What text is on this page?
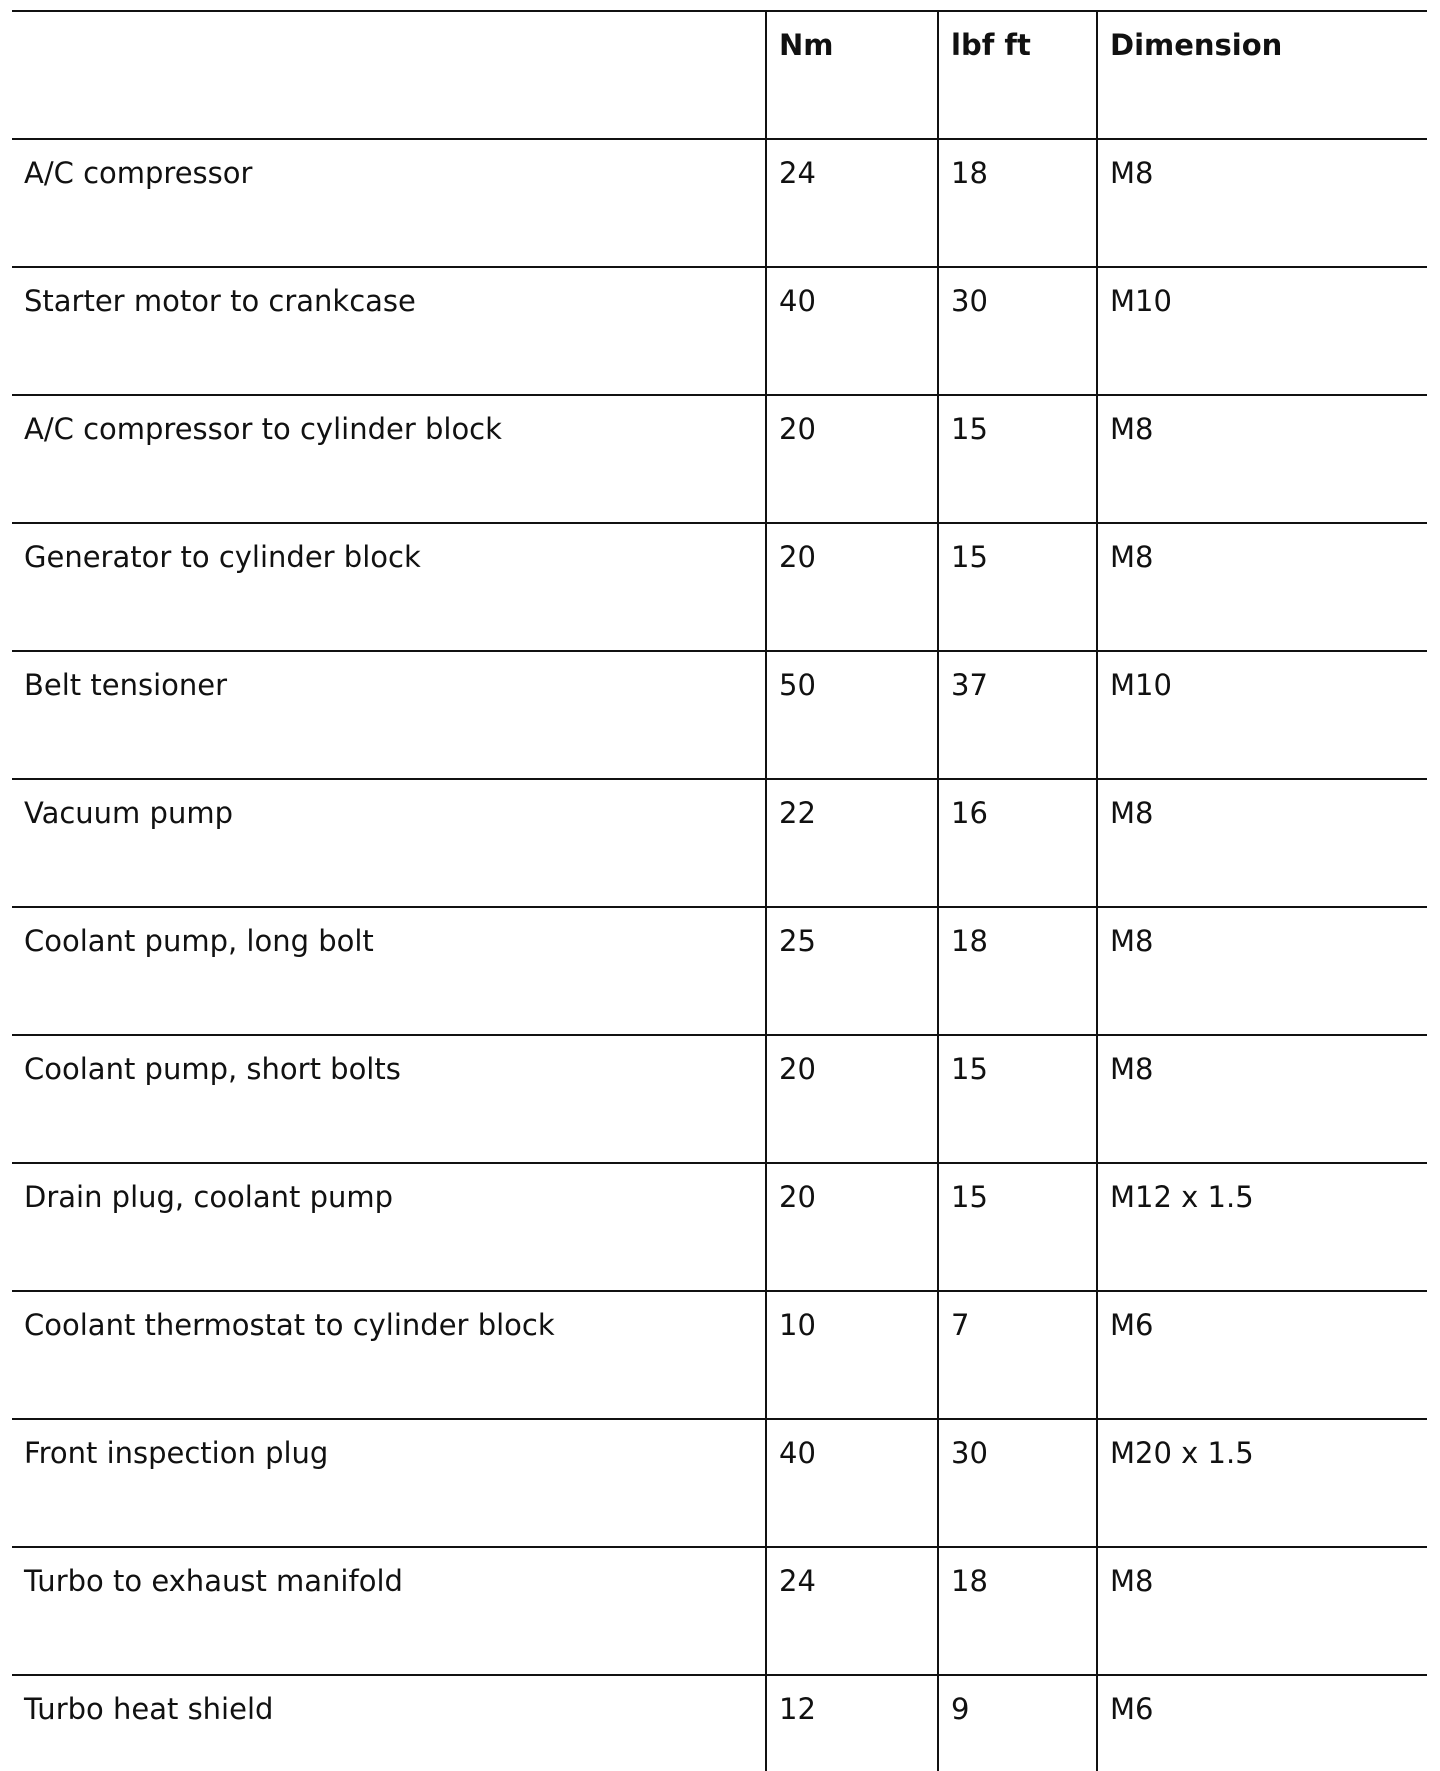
	Nm	lbf ft	Dimension
A/C compressor	24	18	M8
Starter motor to crankcase	40	30	M10
A/C compressor to cylinder block	20	15	M8
Generator to cylinder block	20	15	M8
Belt tensioner	50	37	M10
Vacuum pump	22	16	M8
Coolant pump, long bolt	25	18	M8
Coolant pump, short bolts	20	15	M8
Drain plug, coolant pump	20	15	M12 x 1.5
Coolant thermostat to cylinder block	10	7	M6
Front inspection plug	40	30	M20 x 1.5
Turbo to exhaust manifold	24	18	M8
Turbo heat shield	12	9	M6
